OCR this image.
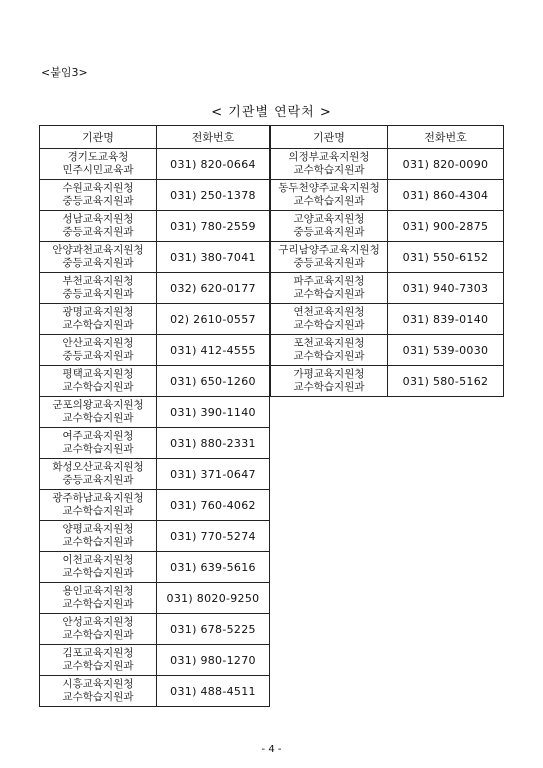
<붙임3>
< 기관별 연락처 >
기관명	전화번호

경기도교육청
민주시민교육과	031) 820-0664

수원교육지원청
중등교육지원과	031) 250-1378

성남교육지원청
중등교육지원과	031) 780-2559

안양과천교육지원청
중등교육지원과	031) 380-7041

부천교육지원청
중등교육지원과	032) 620-0177

광명교육지원청
교수학습지원과	02) 2610-0557

안산교육지원청
중등교육지원과	031) 412-4555

평택교육지원청
교수학습지원과	031) 650-1260

군포의왕교육지원청
교수학습지원과	031) 390-1140

여주교육지원청
교수학습지원과	031) 880-2331

화성오산교육지원청
중등교육지원과	031) 371-0647

광주하남교육지원청
교수학습지원과	031) 760-4062

양평교육지원청
교수학습지원과	031) 770-5274

이천교육지원청
교수학습지원과	031) 639-5616

용인교육지원청
교수학습지원과	031) 8020-9250

안성교육지원청
교수학습지원과	031) 678-5225

김포교육지원청
교수학습지원과	031) 980-1270

시흥교육지원청
교수학습지원과	031) 488-4511
기관명	전화번호

의정부교육지원청
교수학습지원과	031) 820-0090

동두천양주교육지원청
교수학습지원과	031) 860-4304

고양교육지원청
중등교육지원과	031) 900-2875

구리남양주교육지원청
중등교육지원과	031) 550-6152

파주교육지원청
교수학습지원과	031) 940-7303

연천교육지원청
교수학습지원과	031) 839-0140

포천교육지원청
교수학습지원과	031) 539-0030

가평교육지원청
교수학습지원과	031) 580-5162
- 4 -
